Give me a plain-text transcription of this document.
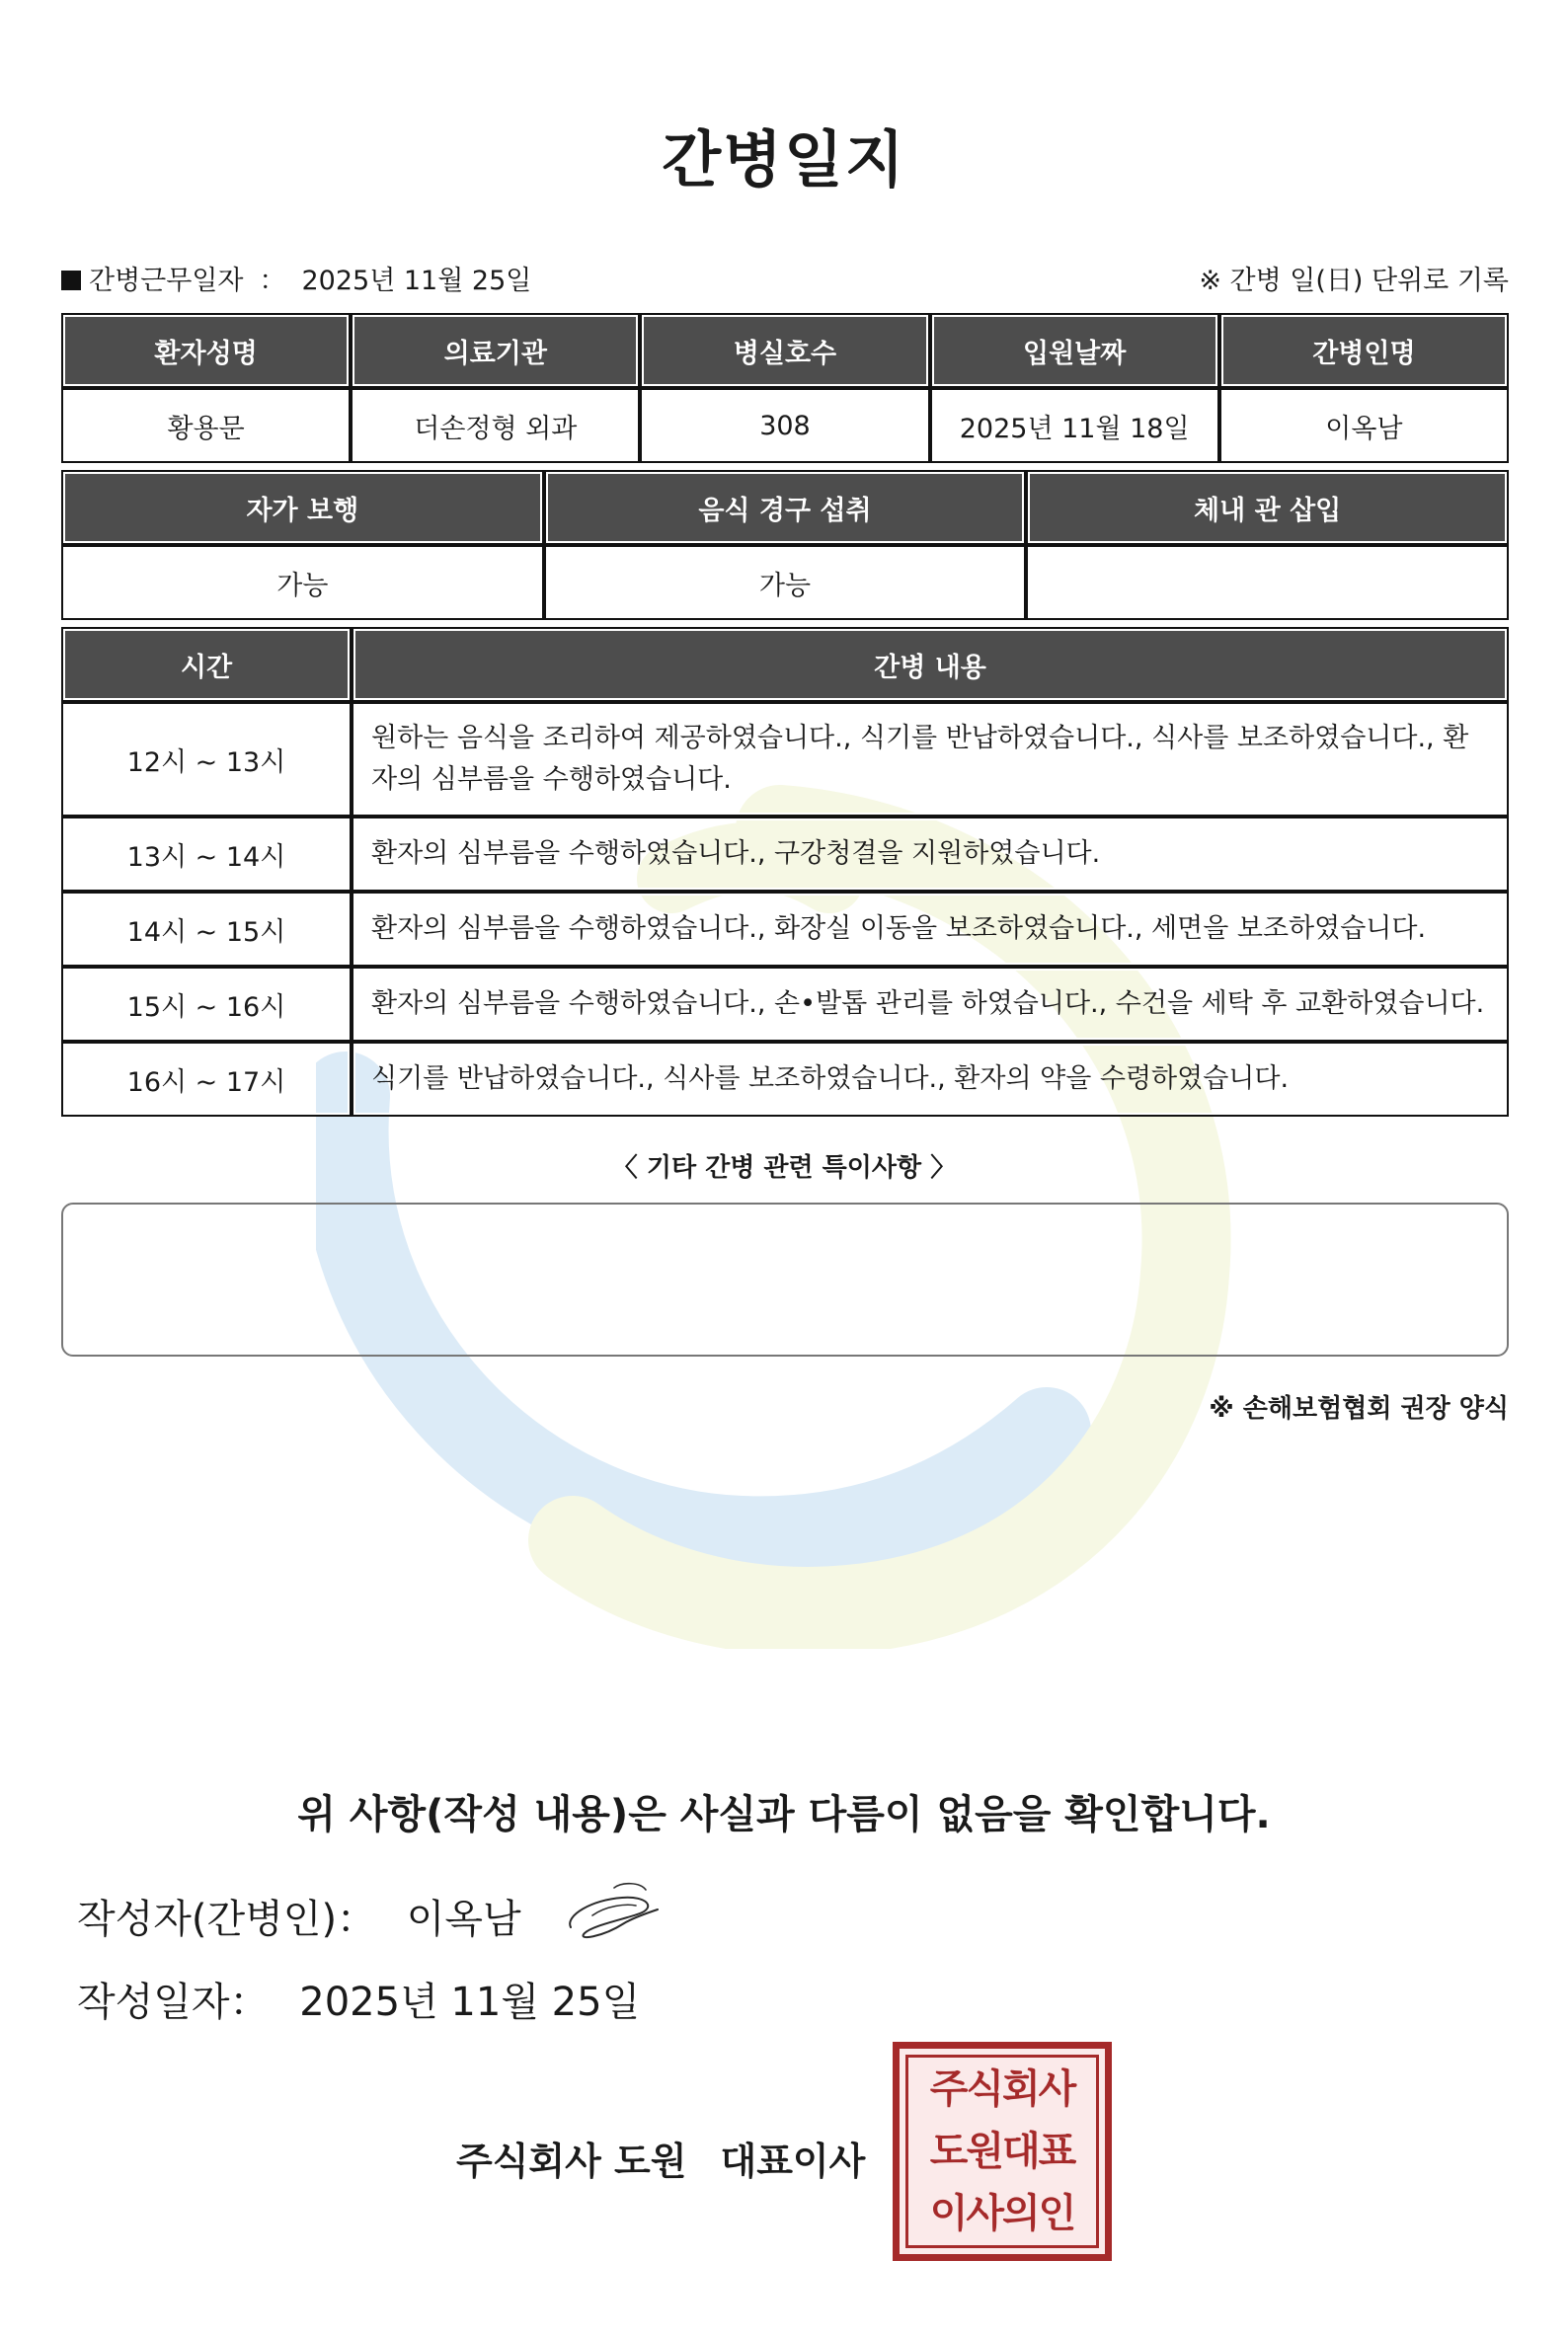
간병일지
간병근무일자 ： 2025년 11월 25일	※ 간병 일(日) 단위로 기록
환자성명	의료기관	병실호수	입원날짜	간병인명
황용문	더손정형 외과	308	2025년 11월 18일	이옥남
자가 보행	음식 경구 섭취	체내 관 삽입
가능	가능	
시간	간병 내용
12시 ~ 13시	원하는 음식을 조리하여 제공하였습니다., 식기를 반납하였습니다., 식사를 보조하였습니다., 환자의 심부름을 수행하였습니다.
13시 ~ 14시	환자의 심부름을 수행하였습니다., 구강청결을 지원하였습니다.
14시 ~ 15시	환자의 심부름을 수행하였습니다., 화장실 이동을 보조하였습니다., 세면을 보조하였습니다.
15시 ~ 16시	환자의 심부름을 수행하였습니다., 손•발톱 관리를 하였습니다., 수건을 세탁 후 교환하였습니다.
16시 ~ 17시	식기를 반납하였습니다., 식사를 보조하였습니다., 환자의 약을 수령하였습니다.
〈 기타 간병 관련 특이사항 〉
※ 손해보험협회 권장 양식
위 사항(작성 내용)은 사실과 다름이 없음을 확인합니다.
작성자(간병인)： 이옥남
작성일자： 2025년 11월 25일
주식회사 도원 대표이사
주식회사
도원대표
이사의인
